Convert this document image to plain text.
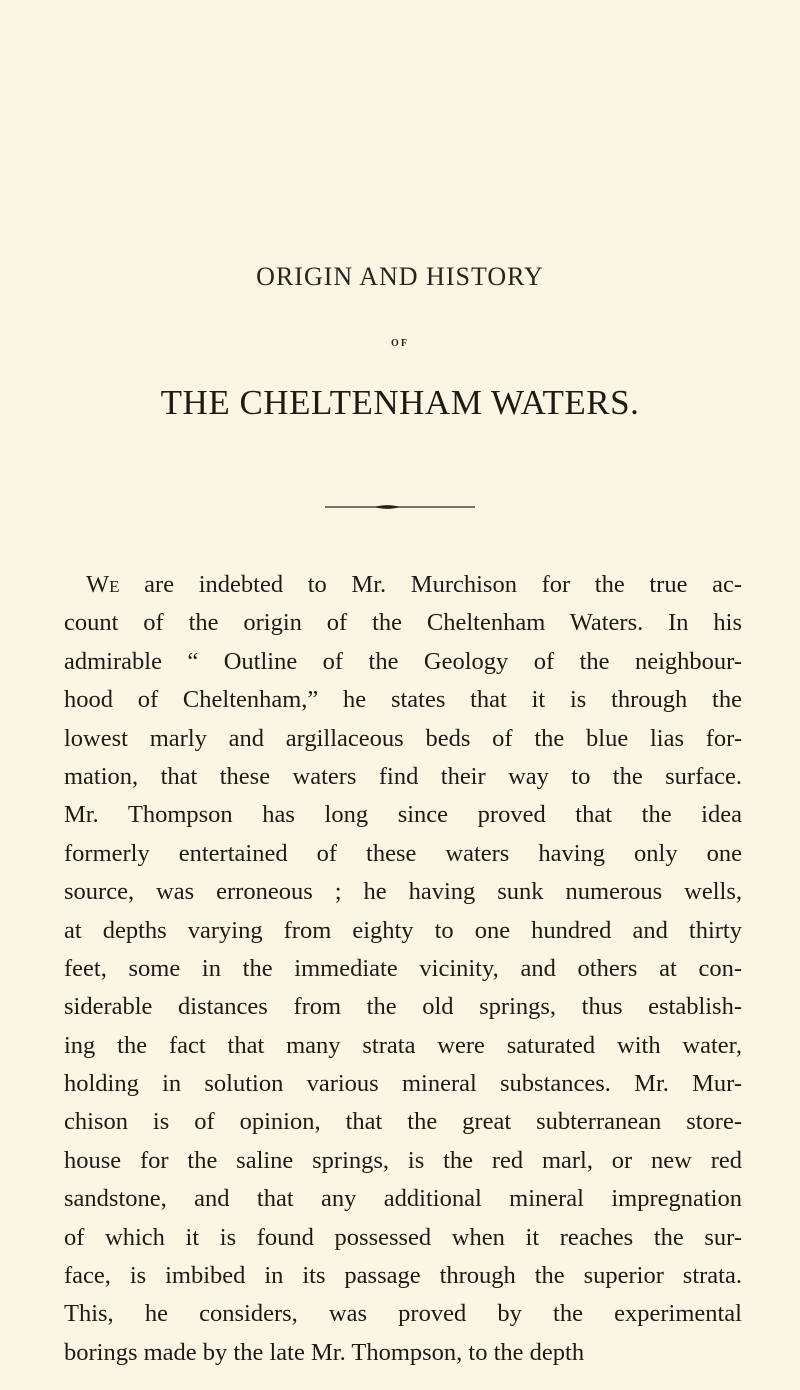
ORIGIN AND HISTORY
OF
THE CHELTENHAM WATERS.
We are indebted to Mr. Murchison for the true ac-
count of the origin of the Cheltenham Waters. In his
admirable “ Outline of the Geology of the neighbour-
hood of Cheltenham,” he states that it is through the
lowest marly and argillaceous beds of the blue lias for-
mation, that these waters find their way to the surface.
Mr. Thompson has long since proved that the idea
formerly entertained of these waters having only one
source, was erroneous ; he having sunk numerous wells,
at depths varying from eighty to one hundred and thirty
feet, some in the immediate vicinity, and others at con-
siderable distances from the old springs, thus establish-
ing the fact that many strata were saturated with water,
holding in solution various mineral substances. Mr. Mur-
chison is of opinion, that the great subterranean store-
house for the saline springs, is the red marl, or new red
sandstone, and that any additional mineral impregnation
of which it is found possessed when it reaches the sur-
face, is imbibed in its passage through the superior strata.
This, he considers, was proved by the experimental
borings made by the late Mr. Thompson, to the depth
